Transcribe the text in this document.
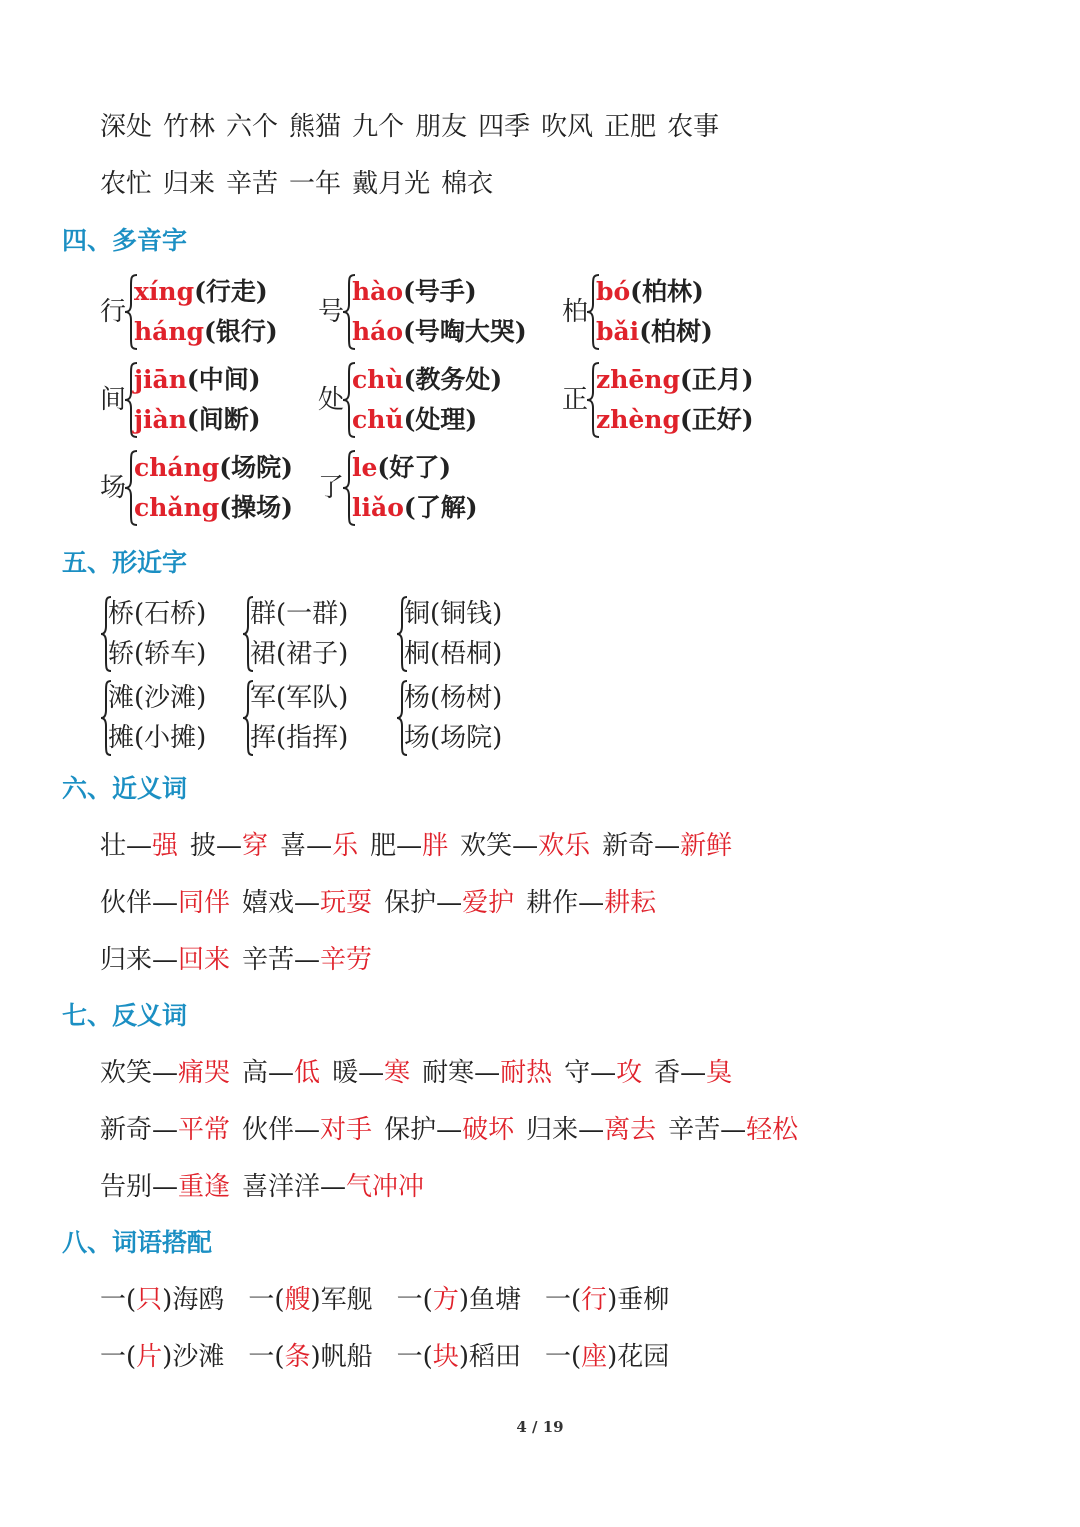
深处 竹林 六个 熊猫 九个 朋友 四季 吹风 正肥 农事
农忙 归来 辛苦 一年 戴月光 棉衣
四、多音字
行
xíng(行走)
háng(银行)
号
hào(号手)
háo(号啕大哭)
柏
bó(柏林)
bǎi(柏树)
间
jiān(中间)
jiàn(间断)
处
chù(教务处)
chǔ(处理)
正
zhēng(正月)
zhèng(正好)
场
cháng(场院)
chǎng(操场)
了
le(好了)
liǎo(了解)
五、形近字
桥(石桥)
轿(轿车)
群(一群)
裙(裙子)
铜(铜钱)
桐(梧桐)
滩(沙滩)
摊(小摊)
军(军队)
挥(指挥)
杨(杨树)
场(场院)
六、近义词
壮—强 披—穿 喜—乐 肥—胖 欢笑—欢乐 新奇—新鲜
伙伴—同伴 嬉戏—玩耍 保护—爱护 耕作—耕耘
归来—回来 辛苦—辛劳
七、反义词
欢笑—痛哭 高—低 暖—寒 耐寒—耐热 守—攻 香—臭
新奇—平常 伙伴—对手 保护—破坏 归来—离去 辛苦—轻松
告别—重逢 喜洋洋—气冲冲
八、词语搭配
一(只)海鸥 一(艘)军舰 一(方)鱼塘 一(行)垂柳
一(片)沙滩 一(条)帆船 一(块)稻田 一(座)花园
4 / 19
